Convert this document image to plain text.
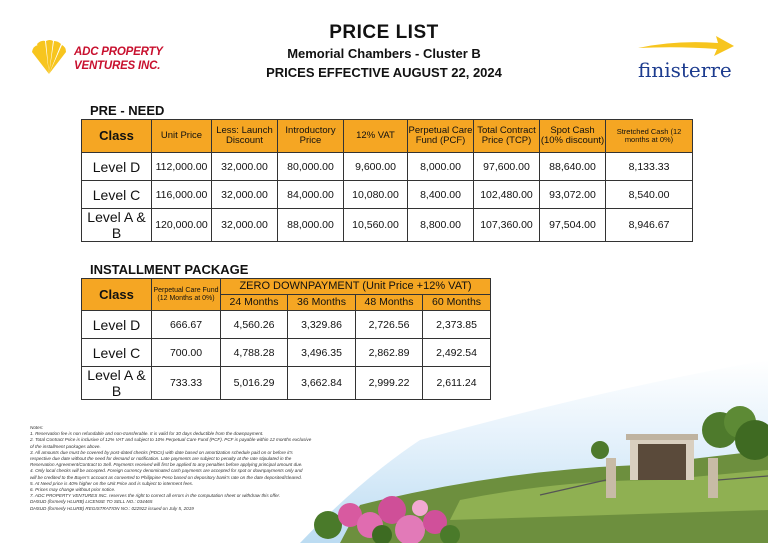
ADC PROPERTY
VENTURES INC.
PRICE LIST
Memorial Chambers - Cluster B
PRICES EFFECTIVE AUGUST 22, 2024	finisterre
PRE - NEED
Class	Unit Price	Less: Launch Discount	Introductory Price	12% VAT	Perpetual Care Fund (PCF)	Total Contract Price (TCP)	Spot Cash (10% discount)	Stretched Cash (12 months at 0%)
Level D	112,000.00	32,000.00	80,000.00	9,600.00	8,000.00	97,600.00	88,640.00	8,133.33
Level C	116,000.00	32,000.00	84,000.00	10,080.00	8,400.00	102,480.00	93,072.00	8,540.00
Level A & B	120,000.00	32,000.00	88,000.00	10,560.00	8,800.00	107,360.00	97,504.00	8,946.67
INSTALLMENT PACKAGE
Class	Perpetual Care Fund (12 Months at 0%)	ZERO DOWNPAYMENT (Unit Price +12% VAT)			
		24 Months	36 Months	48 Months	60 Months
Level D	666.67	4,560.26	3,329.86	2,726.56	2,373.85
Level C	700.00	4,788.28	3,496.35	2,862.89	2,492.54
Level A & B	733.33	5,016.29	3,662.84	2,999.22	2,611.24
Notes:
1. Reservation fee is non refundable and non-transferable. It is valid for 30 days deductible from the downpayment.
2. Total Contract Price is inclusive of 12% VAT and subject to 10% Perpetual Care Fund (PCF). PCF is payable within 12 months exclusive
of the installment packages above.
3. All amounts due must be covered by post-dated checks (PDCs) with date based on amortization schedule paid on or before it's
respective due date without the need for demand or notification. Late payments are subject to penalty at the rate stipulated in the
Reservation Agreement/Contract to Sell. Payments received will first be applied to any penalties before applying principal amount due.
4. Only local checks will be accepted. Foreign currency denominated cash payments are accepted for spot or downpayments only and
will be credited to the Buyer's account as converted to Philippine Peso based on depository bank's rate on the date deposited/cleared.
5. At Need price is 40% higher on the Unit Price and is subject to interment fees.
6. Prices may change without prior notice.
7. ADC PROPERTY VENTURES INC. reserves the right to correct all errors in the computation sheet or withdraw this offer.
DHSUD (formerly HLURB) LICENSE TO SELL NO.: 034465
DHSUD (formerly HLURB) REGISTRATION NO.: 022922 issued on July 5, 2019
